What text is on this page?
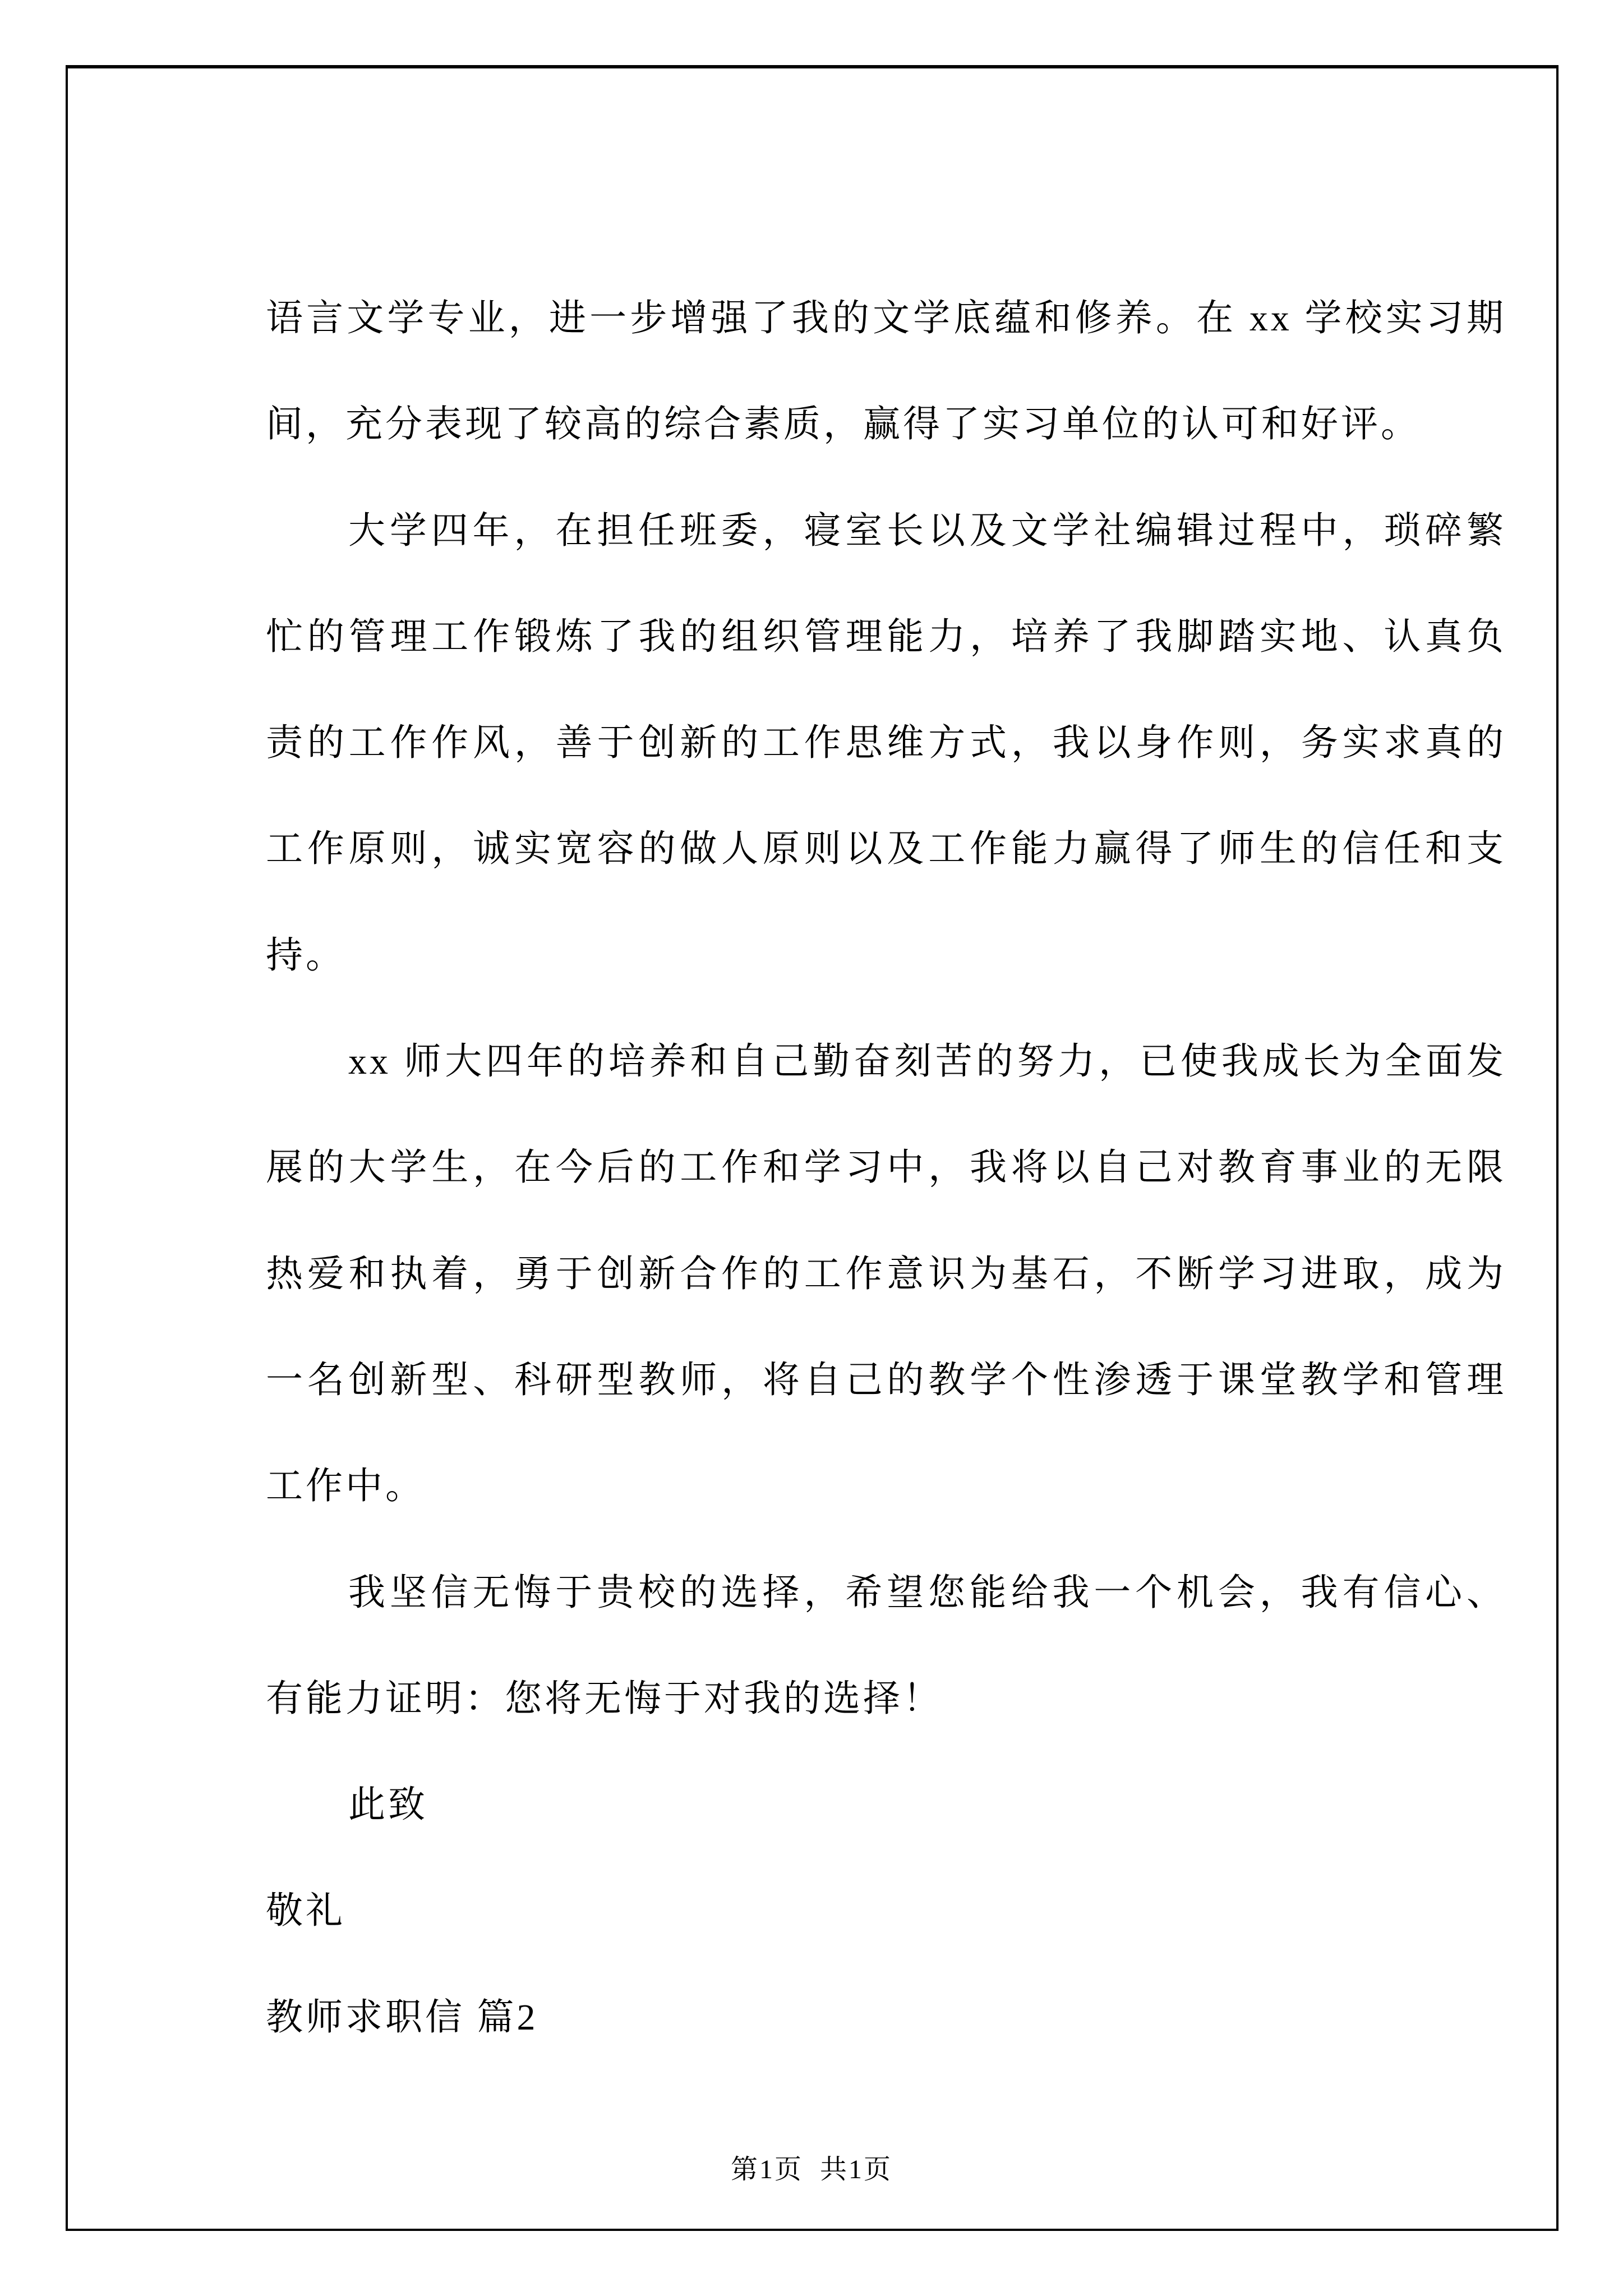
语言文学专业，进一步增强了我的文学底蕴和修养。在 xx 学校实习期
间，充分表现了较高的综合素质，赢得了实习单位的认可和好评。
大学四年，在担任班委，寝室长以及文学社编辑过程中，琐碎繁
忙的管理工作锻炼了我的组织管理能力，培养了我脚踏实地、认真负
责的工作作风，善于创新的工作思维方式，我以身作则，务实求真的
工作原则，诚实宽容的做人原则以及工作能力赢得了师生的信任和支
持。
xx 师大四年的培养和自己勤奋刻苦的努力，已使我成长为全面发
展的大学生，在今后的工作和学习中，我将以自己对教育事业的无限
热爱和执着，勇于创新合作的工作意识为基石，不断学习进取，成为
一名创新型、科研型教师，将自己的教学个性渗透于课堂教学和管理
工作中。
我坚信无悔于贵校的选择，希望您能给我一个机会，我有信心、
有能力证明：您将无悔于对我的选择！
此致
敬礼
教师求职信 篇2
第1页 共1页
